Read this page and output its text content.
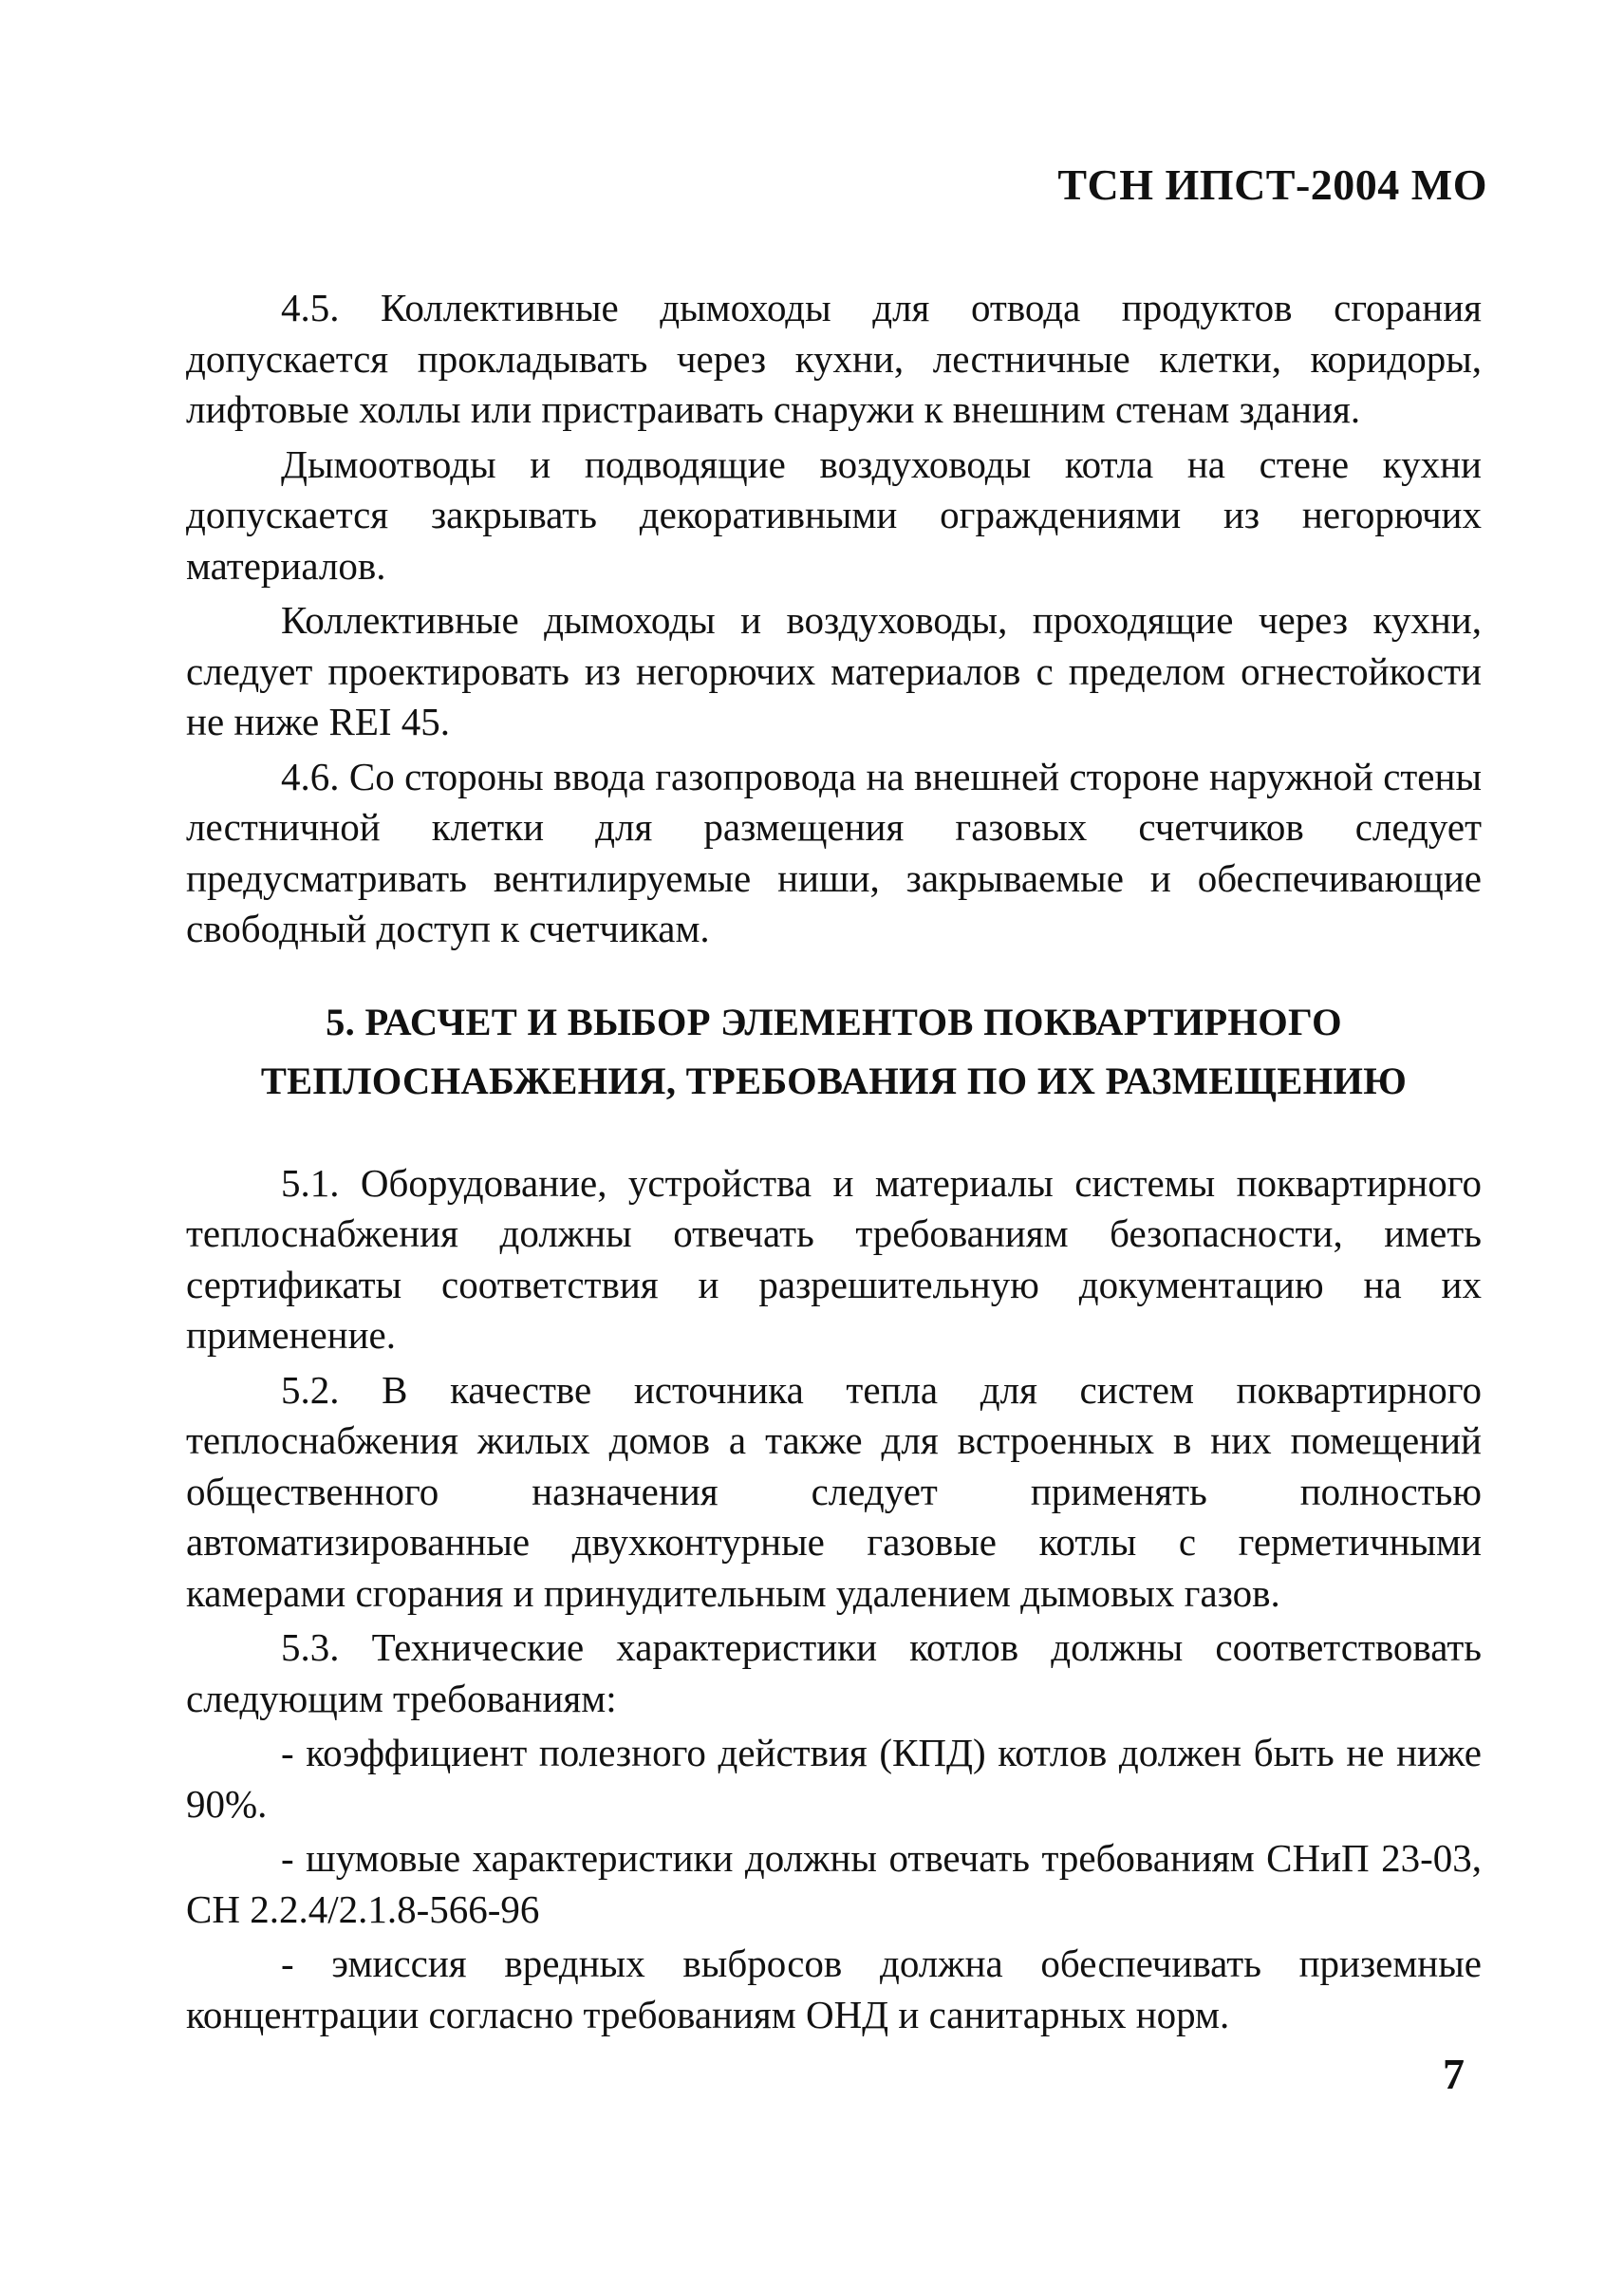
ТСН ИПСТ-2004 МО

4.5. Коллективные дымоходы для отвода продуктов сгорания допускается прокладывать через кухни, лестничные клетки, коридоры, лифтовые холлы или пристраивать снаружи к внешним стенам здания.

Дымоотводы и подводящие воздуховоды котла на стене кухни допускается закрывать декоративными ограждениями из негорючих материалов.

Коллективные дымоходы и воздуховоды, проходящие через кухни, следует проектировать из негорючих материалов с пределом огнестойкости не ниже REI 45.

4.6. Со стороны ввода газопровода на внешней стороне наружной стены лестничной клетки для размещения газовых счетчиков следует предусматривать вентилируемые ниши, закрываемые и обеспечивающие свободный доступ к счетчикам.

5. РАСЧЕТ И ВЫБОР ЭЛЕМЕНТОВ ПОКВАРТИРНОГО
ТЕПЛОСНАБЖЕНИЯ, ТРЕБОВАНИЯ ПО ИХ РАЗМЕЩЕНИЮ

5.1. Оборудование, устройства и материалы системы поквартирного теплоснабжения должны отвечать требованиям безопасности, иметь сертификаты соответствия и разрешительную документацию на их применение.

5.2. В качестве источника тепла для систем поквартирного теплоснабжения жилых домов а также для встроенных в них помещений общественного назначения следует применять полностью автоматизированные двухконтурные газовые котлы с герметичными камерами сгорания и принудительным удалением дымовых газов.

5.3. Технические характеристики котлов должны соответствовать следующим требованиям:

- коэффициент полезного действия (КПД) котлов должен быть не ниже 90%.

- шумовые характеристики должны отвечать требованиям СНиП 23-03, СН 2.2.4/2.1.8-566-96

- эмиссия вредных выбросов должна обеспечивать приземные концентрации согласно требованиям ОНД и санитарных норм.

7
